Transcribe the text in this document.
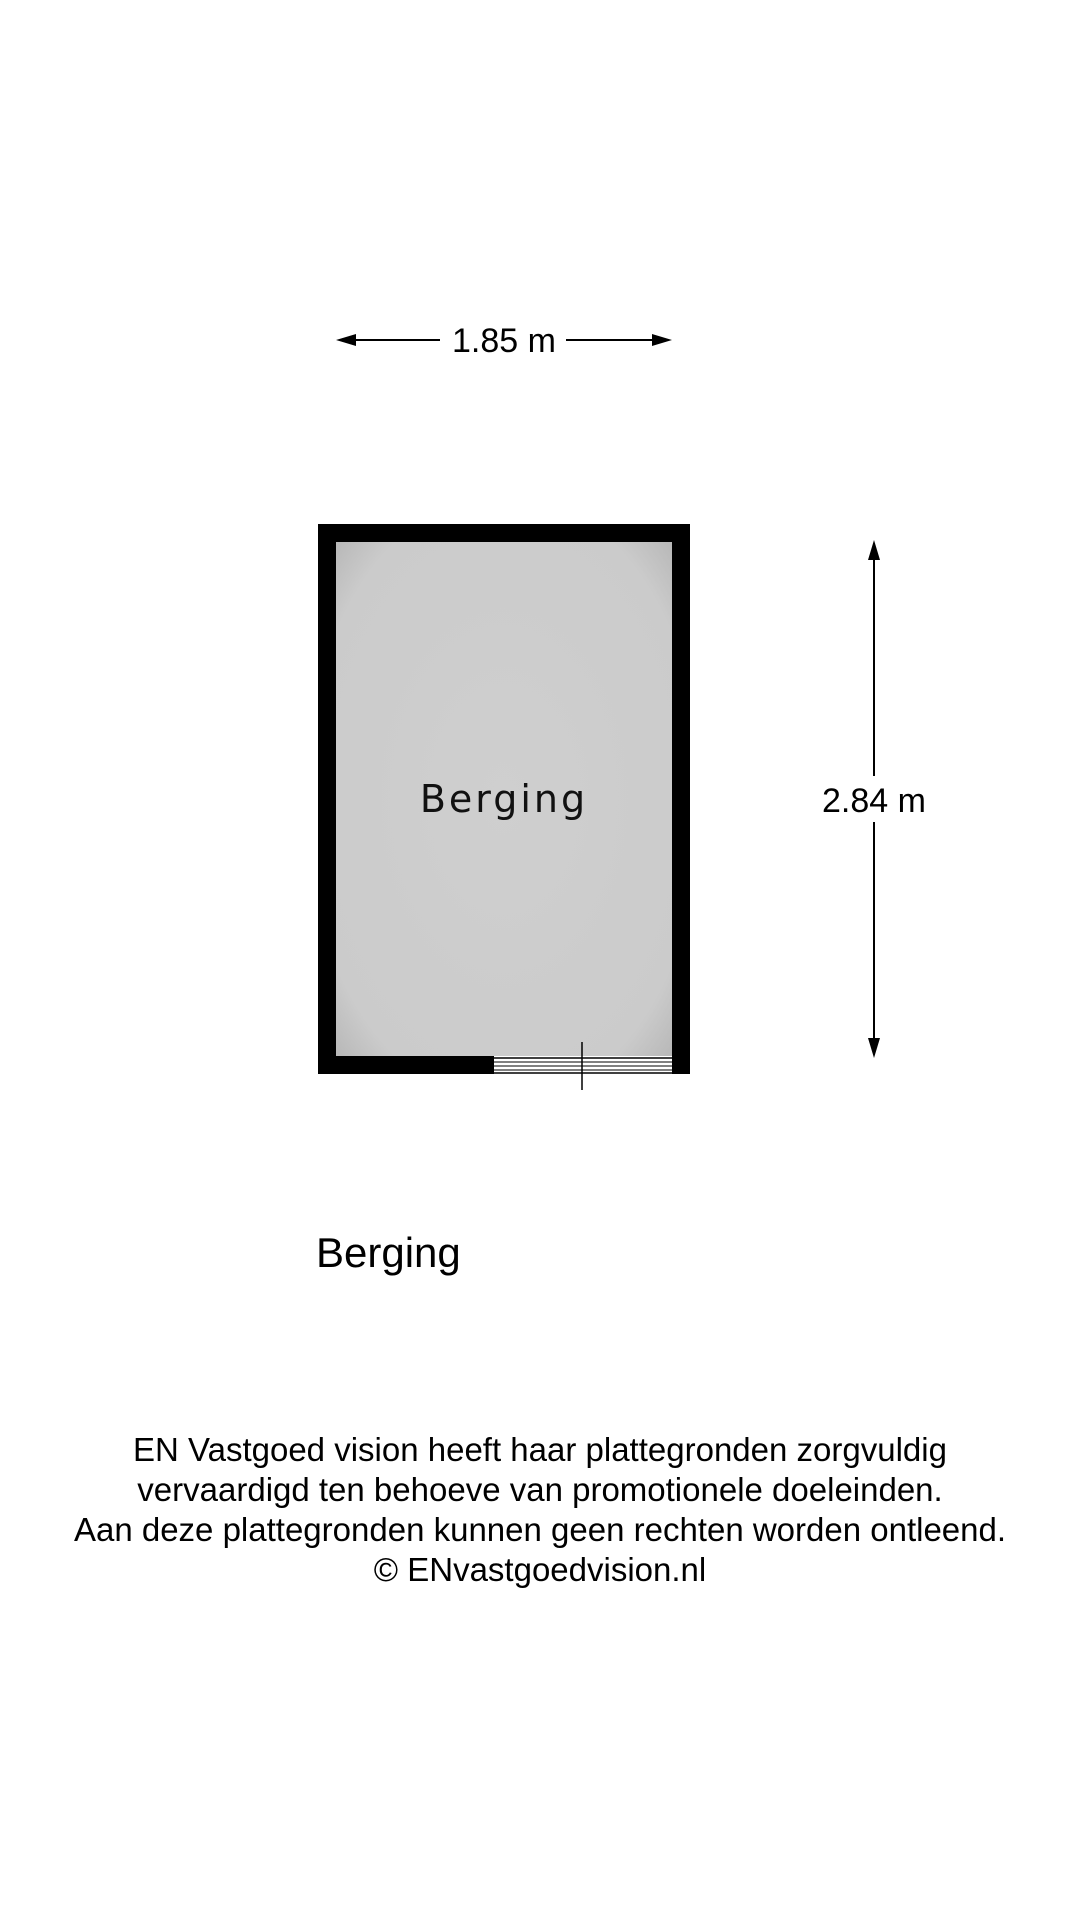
1.85 m
2.84 m
Berging
Berging
EN Vastgoed vision heeft haar plattegronden zorgvuldig
vervaardigd ten behoeve van promotionele doeleinden.
Aan deze plattegronden kunnen geen rechten worden ontleend.
© ENvastgoedvision.nl
